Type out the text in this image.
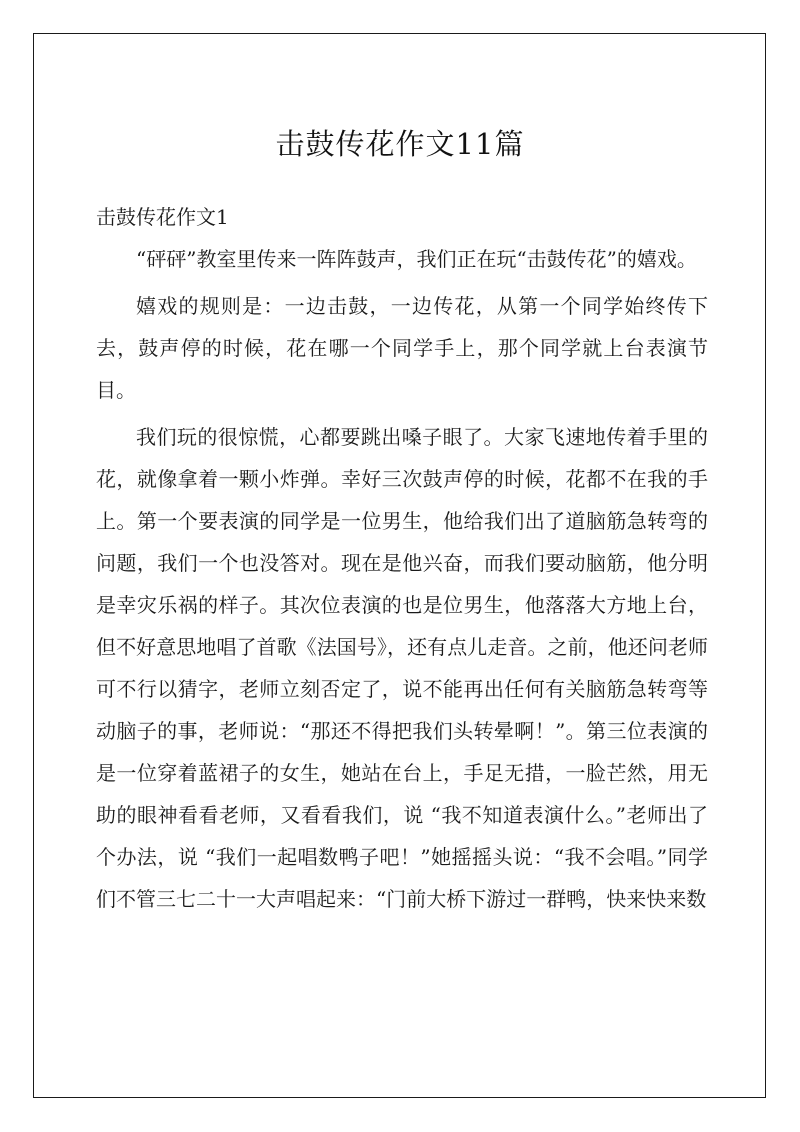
击鼓传花作文11篇

击鼓传花作文1

“砰砰”教室里传来一阵阵鼓声，我们正在玩“击鼓传花”的嬉戏。

嬉戏的规则是：一边击鼓，一边传花，从第一个同学始终传下去，鼓声停的时候，花在哪一个同学手上，那个同学就上台表演节目。

我们玩的很惊慌，心都要跳出嗓子眼了。大家飞速地传着手里的花，就像拿着一颗小炸弹。幸好三次鼓声停的时候，花都不在我的手上。第一个要表演的同学是一位男生，他给我们出了道脑筋急转弯的问题，我们一个也没答对。现在是他兴奋，而我们要动脑筋，他分明是幸灾乐祸的样子。其次位表演的也是位男生，他落落大方地上台，但不好意思地唱了首歌《法国号》，还有点儿走音。之前，他还问老师可不行以猜字，老师立刻否定了，说不能再出任何有关脑筋急转弯等动脑子的事，老师说：“那还不得把我们头转晕啊！”。第三位表演的是一位穿着蓝裙子的女生，她站在台上，手足无措，一脸芒然，用无助的眼神看看老师，又看看我们，说 “我不知道表演什么。”老师出了个办法，说 “我们一起唱数鸭子吧！”她摇摇头说：“我不会唱。”同学们不管三七二十一大声唱起来：“门前大桥下游过一群鸭，快来快来数
